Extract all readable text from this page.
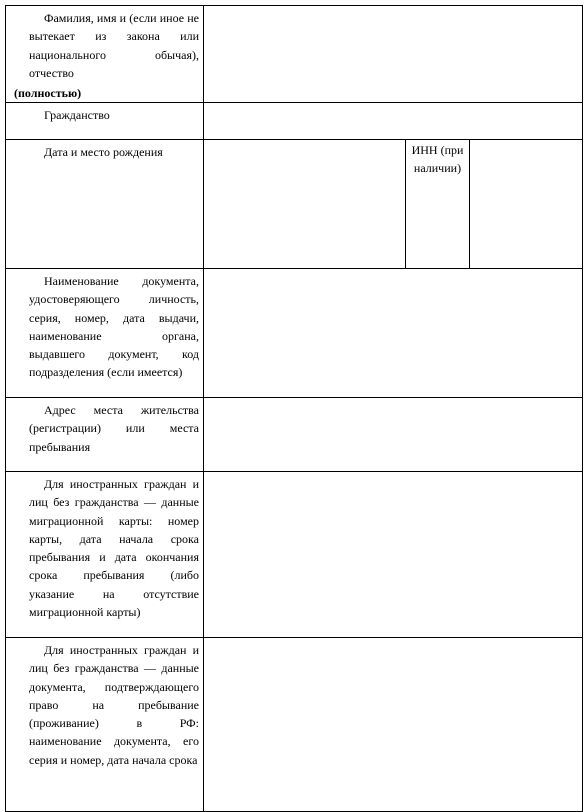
Фамилия, имя и (если иное не вытекает из закона или национального обычая), отчество
(полностью)
Гражданство
Дата и место рождения	ИНН (при наличии)
Наименование документа, удостоверяющего личность, серия, номер, дата выдачи, наименование органа, выдавшего документ, код подразделения (если имеется)
Адрес места жительства (регистрации) или места пребывания
Для иностранных граждан и лиц без гражданства — данные миграционной карты: номер карты, дата начала срока пребывания и дата окончания срока пребывания (либо указание на отсутствие миграционной карты)
Для иностранных граждан и лиц без гражданства — данные документа, подтверждающего право на пребывание (проживание) в РФ: наименование документа, его серия и номер, дата начала срока
